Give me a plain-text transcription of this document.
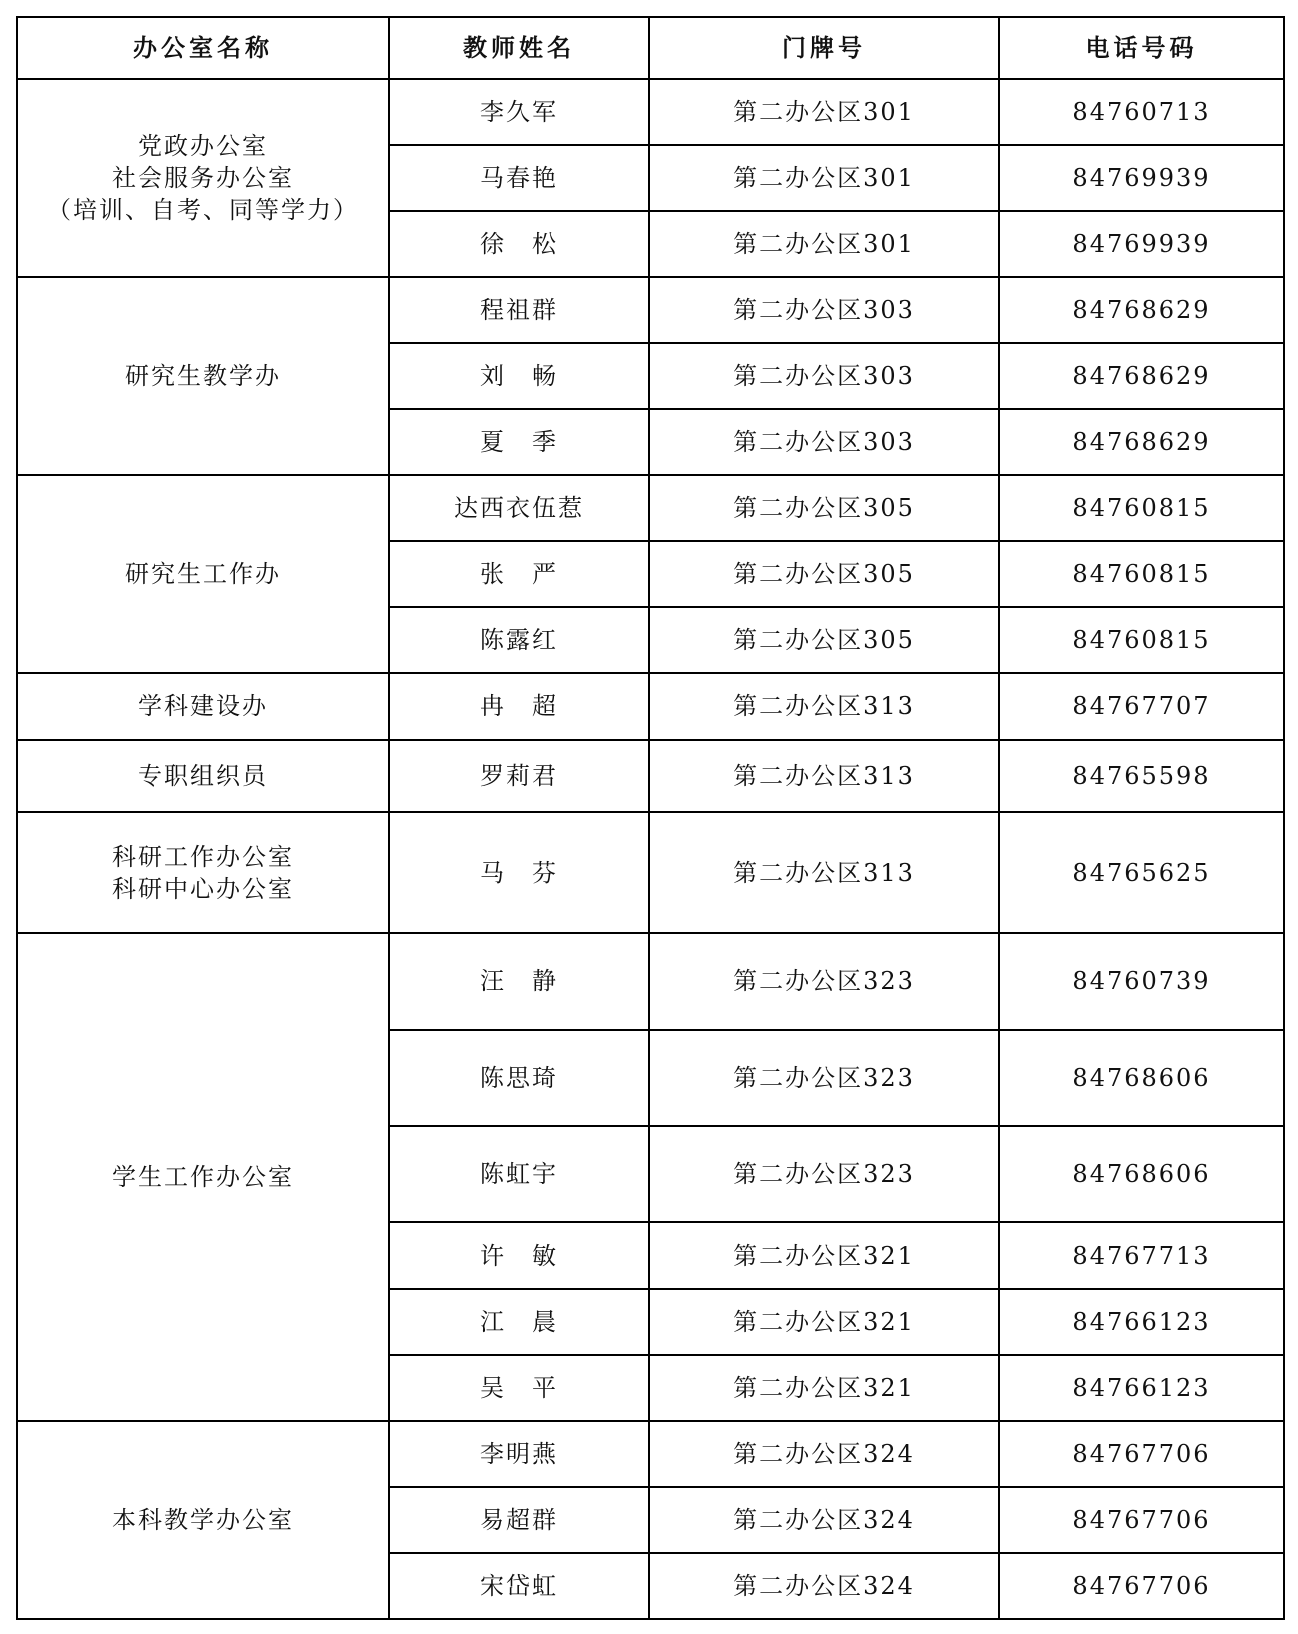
办公室名称	教师姓名	门牌号	电话号码

党政办公室
社会服务办公室
（培训、自考、同等学力）	李久军	第二办公区301	84760713
	马春艳	第二办公区301	84769939
	徐　松	第二办公区301	84769939

研究生教学办	程祖群	第二办公区303	84768629
	刘　畅	第二办公区303	84768629
	夏　季	第二办公区303	84768629

研究生工作办	达西衣伍惹	第二办公区305	84760815
	张　严	第二办公区305	84760815
	陈露红	第二办公区305	84760815

学科建设办	冉　超	第二办公区313	84767707

专职组织员	罗莉君	第二办公区313	84765598

科研工作办公室
科研中心办公室	马　芬	第二办公区313	84765625

学生工作办公室	汪　静	第二办公区323	84760739
	陈思琦	第二办公区323	84768606
	陈虹宇	第二办公区323	84768606
	许　敏	第二办公区321	84767713
	江　晨	第二办公区321	84766123
	吴　平	第二办公区321	84766123

本科教学办公室	李明燕	第二办公区324	84767706
	易超群	第二办公区324	84767706
	宋岱虹	第二办公区324	84767706
